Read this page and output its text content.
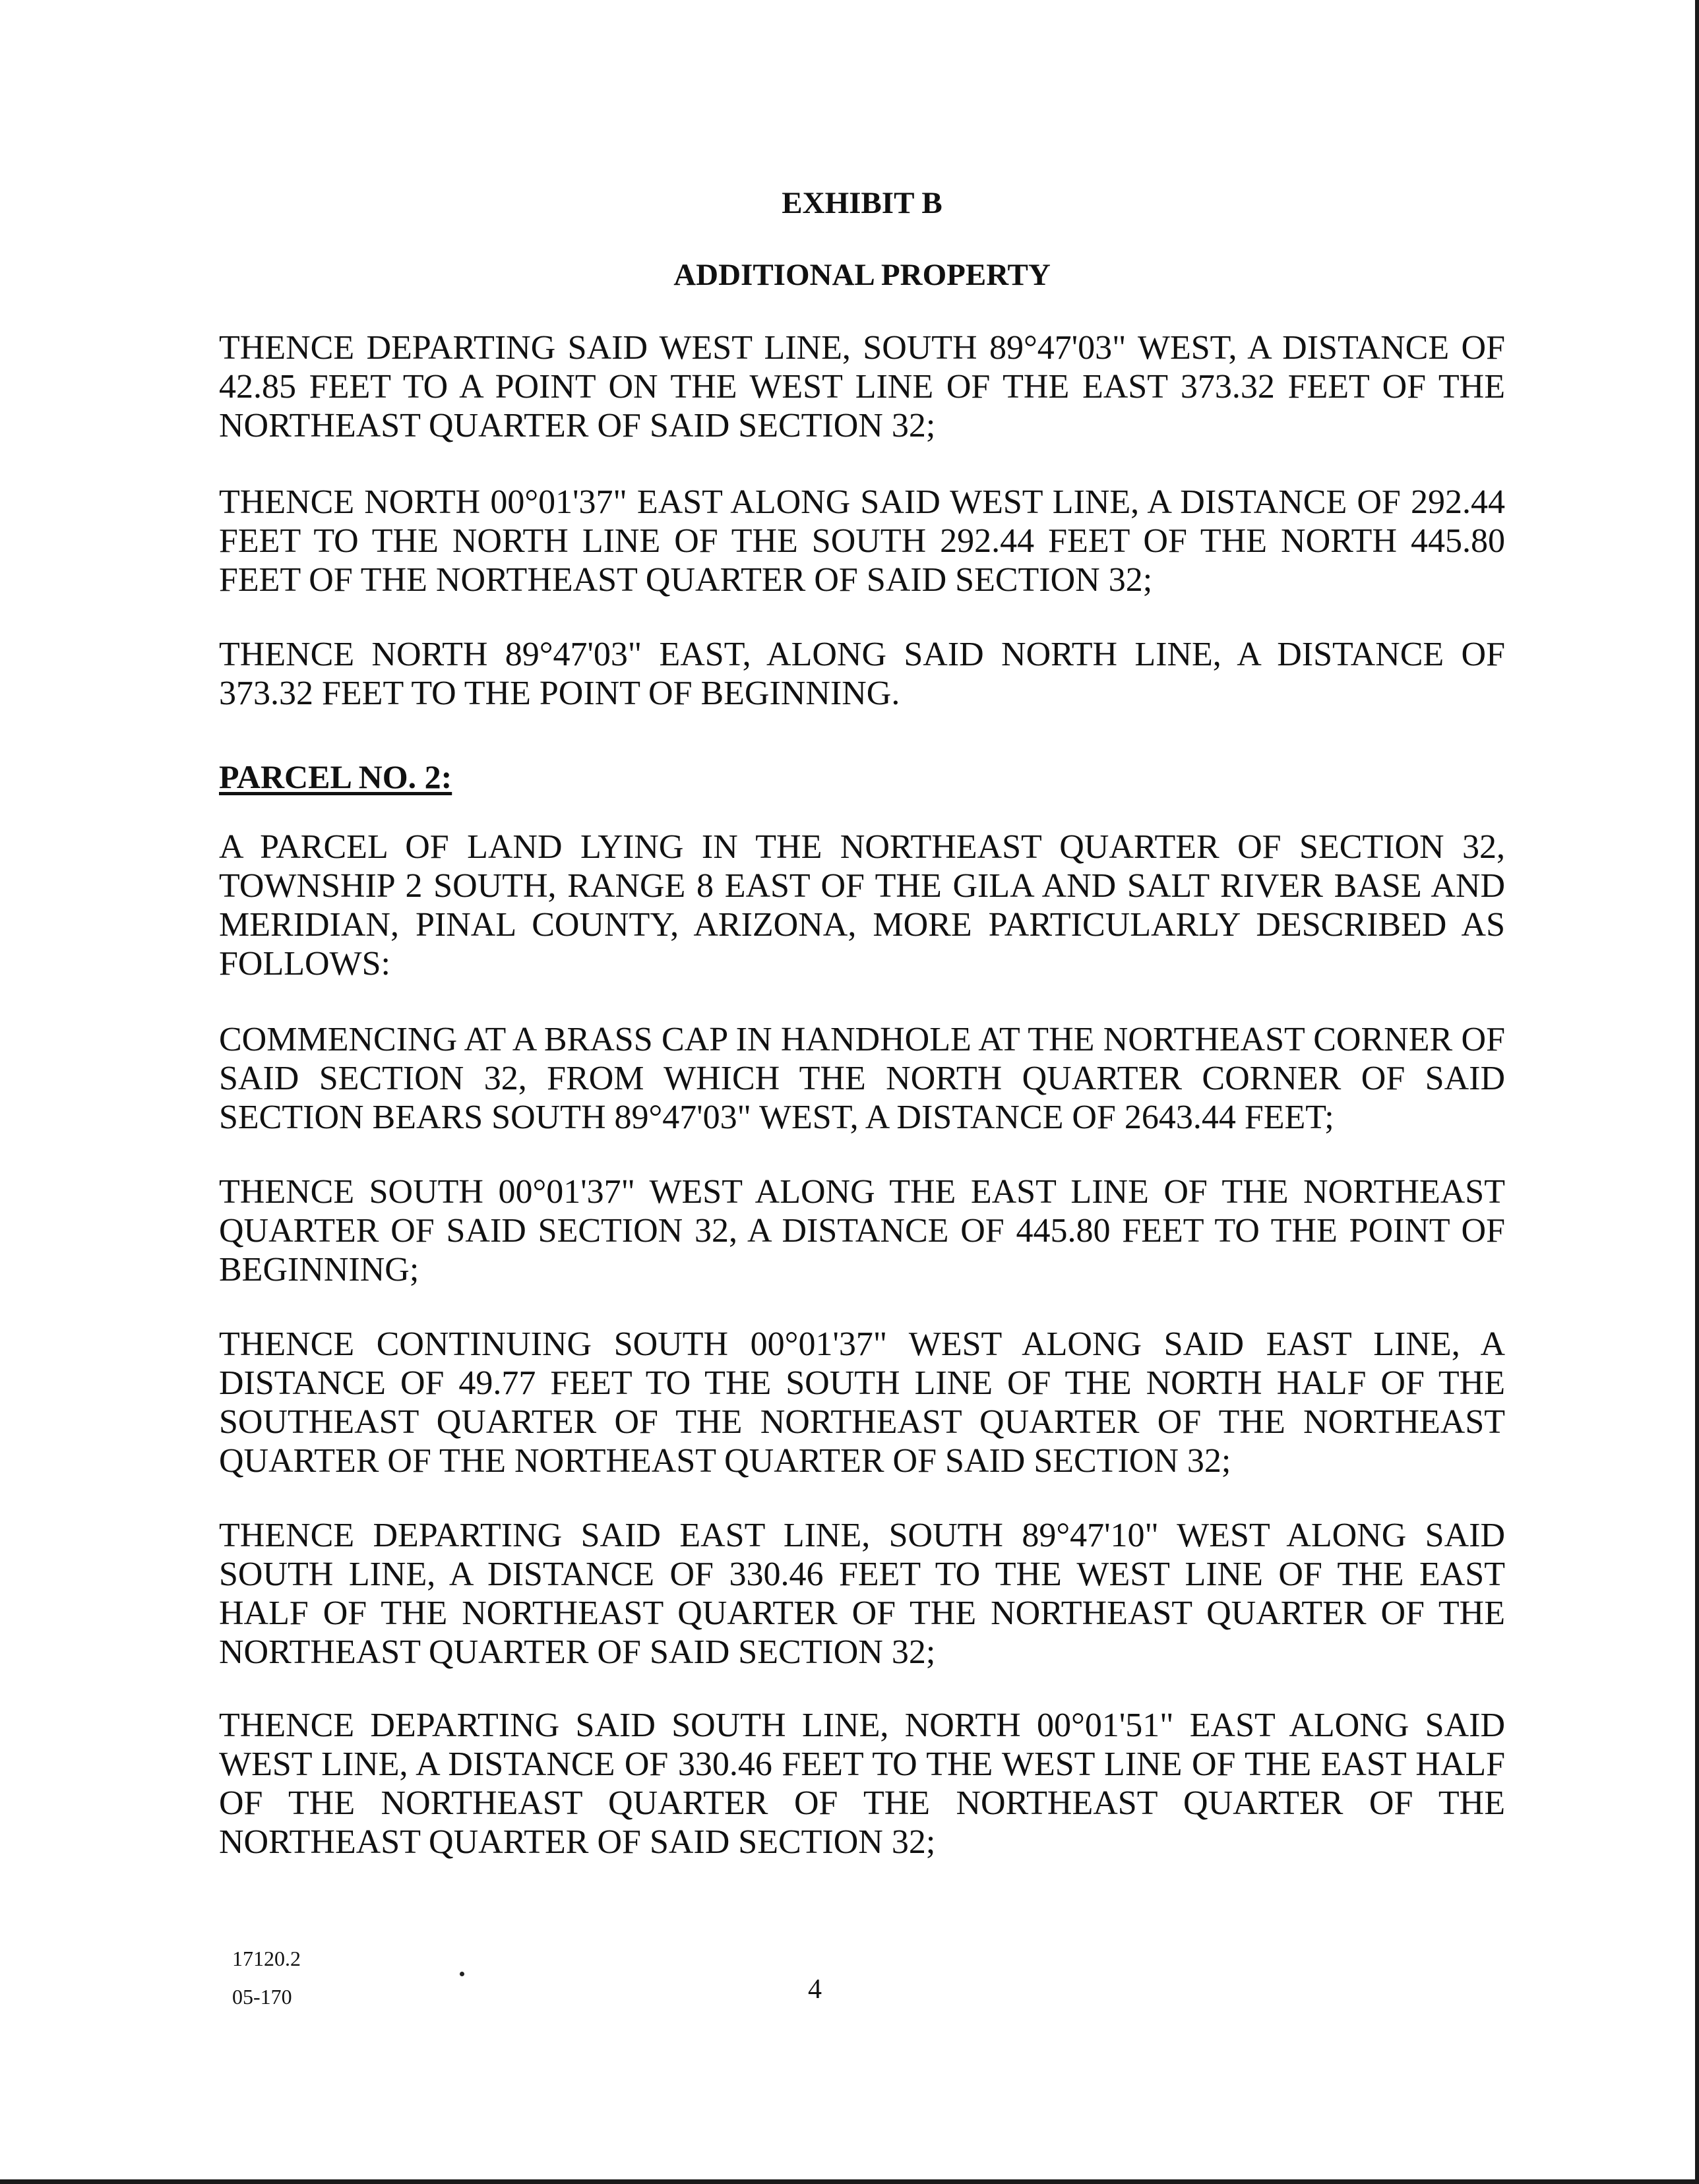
EXHIBIT B
ADDITIONAL PROPERTY

THENCE DEPARTING SAID WEST LINE, SOUTH 89°47'03" WEST, A DISTANCE OF 42.85 FEET TO A POINT ON THE WEST LINE OF THE EAST 373.32 FEET OF THE NORTHEAST QUARTER OF SAID SECTION 32;

THENCE NORTH 00°01'37" EAST ALONG SAID WEST LINE, A DISTANCE OF 292.44 FEET TO THE NORTH LINE OF THE SOUTH 292.44 FEET OF THE NORTH 445.80 FEET OF THE NORTHEAST QUARTER OF SAID SECTION 32;

THENCE NORTH 89°47'03" EAST, ALONG SAID NORTH LINE, A DISTANCE OF 373.32 FEET TO THE POINT OF BEGINNING.

PARCEL NO. 2:

A PARCEL OF LAND LYING IN THE NORTHEAST QUARTER OF SECTION 32, TOWNSHIP 2 SOUTH, RANGE 8 EAST OF THE GILA AND SALT RIVER BASE AND MERIDIAN, PINAL COUNTY, ARIZONA, MORE PARTICULARLY DESCRIBED AS FOLLOWS:

COMMENCING AT A BRASS CAP IN HANDHOLE AT THE NORTHEAST CORNER OF SAID SECTION 32, FROM WHICH THE NORTH QUARTER CORNER OF SAID SECTION BEARS SOUTH 89°47'03" WEST, A DISTANCE OF 2643.44 FEET;

THENCE SOUTH 00°01'37" WEST ALONG THE EAST LINE OF THE NORTHEAST QUARTER OF SAID SECTION 32, A DISTANCE OF 445.80 FEET TO THE POINT OF BEGINNING;

THENCE CONTINUING SOUTH 00°01'37" WEST ALONG SAID EAST LINE, A DISTANCE OF 49.77 FEET TO THE SOUTH LINE OF THE NORTH HALF OF THE SOUTHEAST QUARTER OF THE NORTHEAST QUARTER OF THE NORTHEAST QUARTER OF THE NORTHEAST QUARTER OF SAID SECTION 32;

THENCE DEPARTING SAID EAST LINE, SOUTH 89°47'10" WEST ALONG SAID SOUTH LINE, A DISTANCE OF 330.46 FEET TO THE WEST LINE OF THE EAST HALF OF THE NORTHEAST QUARTER OF THE NORTHEAST QUARTER OF THE NORTHEAST QUARTER OF SAID SECTION 32;

THENCE DEPARTING SAID SOUTH LINE, NORTH 00°01'51" EAST ALONG SAID WEST LINE, A DISTANCE OF 330.46 FEET TO THE WEST LINE OF THE EAST HALF OF THE NORTHEAST QUARTER OF THE NORTHEAST QUARTER OF THE NORTHEAST QUARTER OF SAID SECTION 32;

17120.2
05-170	4
